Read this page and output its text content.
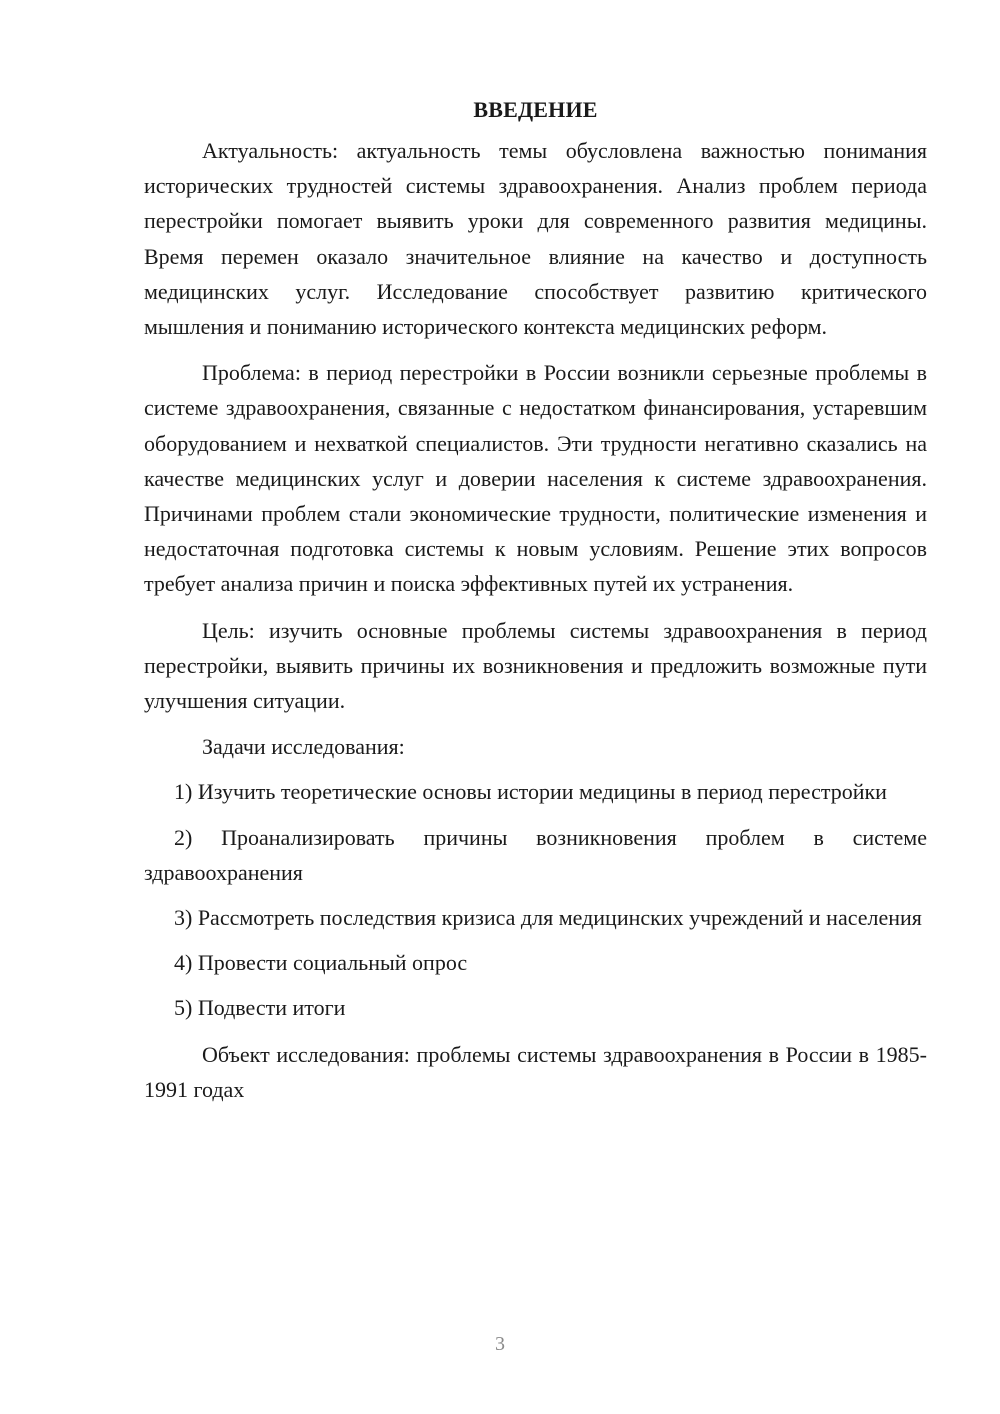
ВВЕДЕНИЕ

Актуальность: актуальность темы обусловлена важностью понимания исторических трудностей системы здравоохранения. Анализ проблем периода перестройки помогает выявить уроки для современного развития медицины. Время перемен оказало значительное влияние на качество и доступность медицинских услуг. Исследование способствует развитию критического мышления и пониманию исторического контекста медицинских реформ.

Проблема: в период перестройки в России возникли серьезные проблемы в системе здравоохранения, связанные с недостатком финансирования, устаревшим оборудованием и нехваткой специалистов. Эти трудности негативно сказались на качестве медицинских услуг и доверии населения к системе здравоохранения. Причинами проблем стали экономические трудности, политические изменения и недостаточная подготовка системы к новым условиям. Решение этих вопросов требует анализа причин и поиска эффективных путей их устранения.

Цель: изучить основные проблемы системы здравоохранения в период перестройки, выявить причины их возникновения и предложить возможные пути улучшения ситуации.

Задачи исследования:

1) Изучить теоретические основы истории медицины в период перестройки

2) Проанализировать причины возникновения проблем в системе здравоохранения

3) Рассмотреть последствия кризиса для медицинских учреждений и населения

4) Провести социальный опрос

5) Подвести итоги

Объект исследования: проблемы системы здравоохранения в России в 1985-1991 годах

3
